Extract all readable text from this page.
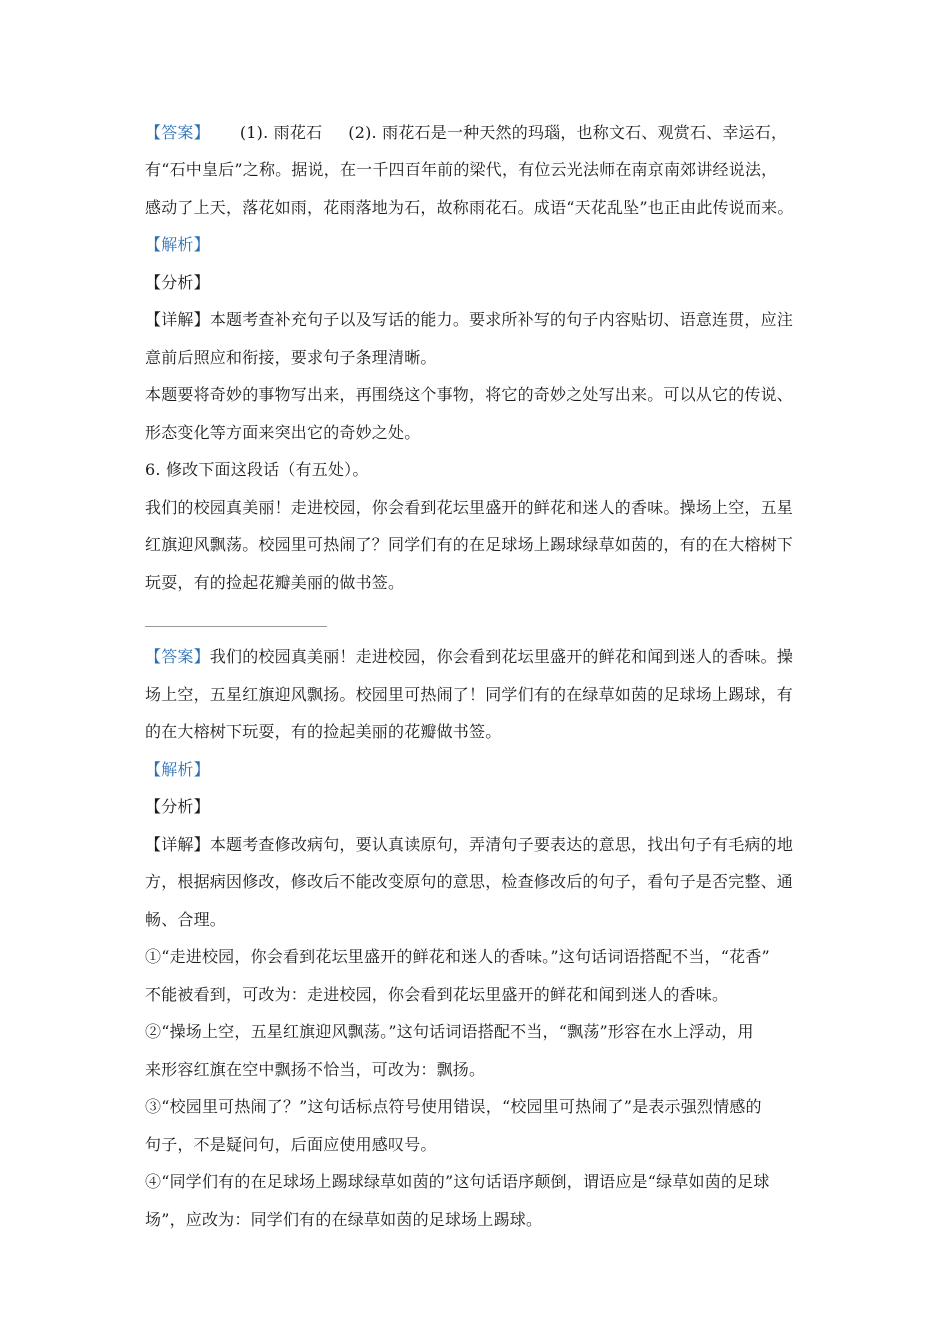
【答案】 (1). 雨花石 (2). 雨花石是一种天然的玛瑙，也称文石、观赏石、幸运石，
有“石中皇后”之称。据说，在一千四百年前的梁代，有位云光法师在南京南郊讲经说法，
感动了上天，落花如雨，花雨落地为石，故称雨花石。成语“天花乱坠”也正由此传说而来。
【解析】
【分析】
【详解】本题考查补充句子以及写话的能力。要求所补写的句子内容贴切、语意连贯，应注
意前后照应和衔接，要求句子条理清晰。
本题要将奇妙的事物写出来，再围绕这个事物，将它的奇妙之处写出来。可以从它的传说、
形态变化等方面来突出它的奇妙之处。
6. 修改下面这段话（有五处）。
我们的校园真美丽！走进校园，你会看到花坛里盛开的鲜花和迷人的香味。操场上空，五星
红旗迎风飘荡。校园里可热闹了？同学们有的在足球场上踢球绿草如茵的，有的在大榕树下
玩耍，有的捡起花瓣美丽的做书签。
【答案】我们的校园真美丽！走进校园，你会看到花坛里盛开的鲜花和闻到迷人的香味。操
场上空，五星红旗迎风飘扬。校园里可热闹了！同学们有的在绿草如茵的足球场上踢球，有
的在大榕树下玩耍，有的捡起美丽的花瓣做书签。
【解析】
【分析】
【详解】本题考查修改病句，要认真读原句，弄清句子要表达的意思，找出句子有毛病的地
方，根据病因修改，修改后不能改变原句的意思，检查修改后的句子，看句子是否完整、通
畅、合理。
①“走进校园，你会看到花坛里盛开的鲜花和迷人的香味。”这句话词语搭配不当，“花香”
不能被看到，可改为：走进校园，你会看到花坛里盛开的鲜花和闻到迷人的香味。
②“操场上空，五星红旗迎风飘荡。”这句话词语搭配不当，“飘荡”形容在水上浮动，用
来形容红旗在空中飘扬不恰当，可改为：飘扬。
③“校园里可热闹了？”这句话标点符号使用错误，“校园里可热闹了”是表示强烈情感的
句子，不是疑问句，后面应使用感叹号。
④“同学们有的在足球场上踢球绿草如茵的”这句话语序颠倒，谓语应是“绿草如茵的足球
场”，应改为：同学们有的在绿草如茵的足球场上踢球。
